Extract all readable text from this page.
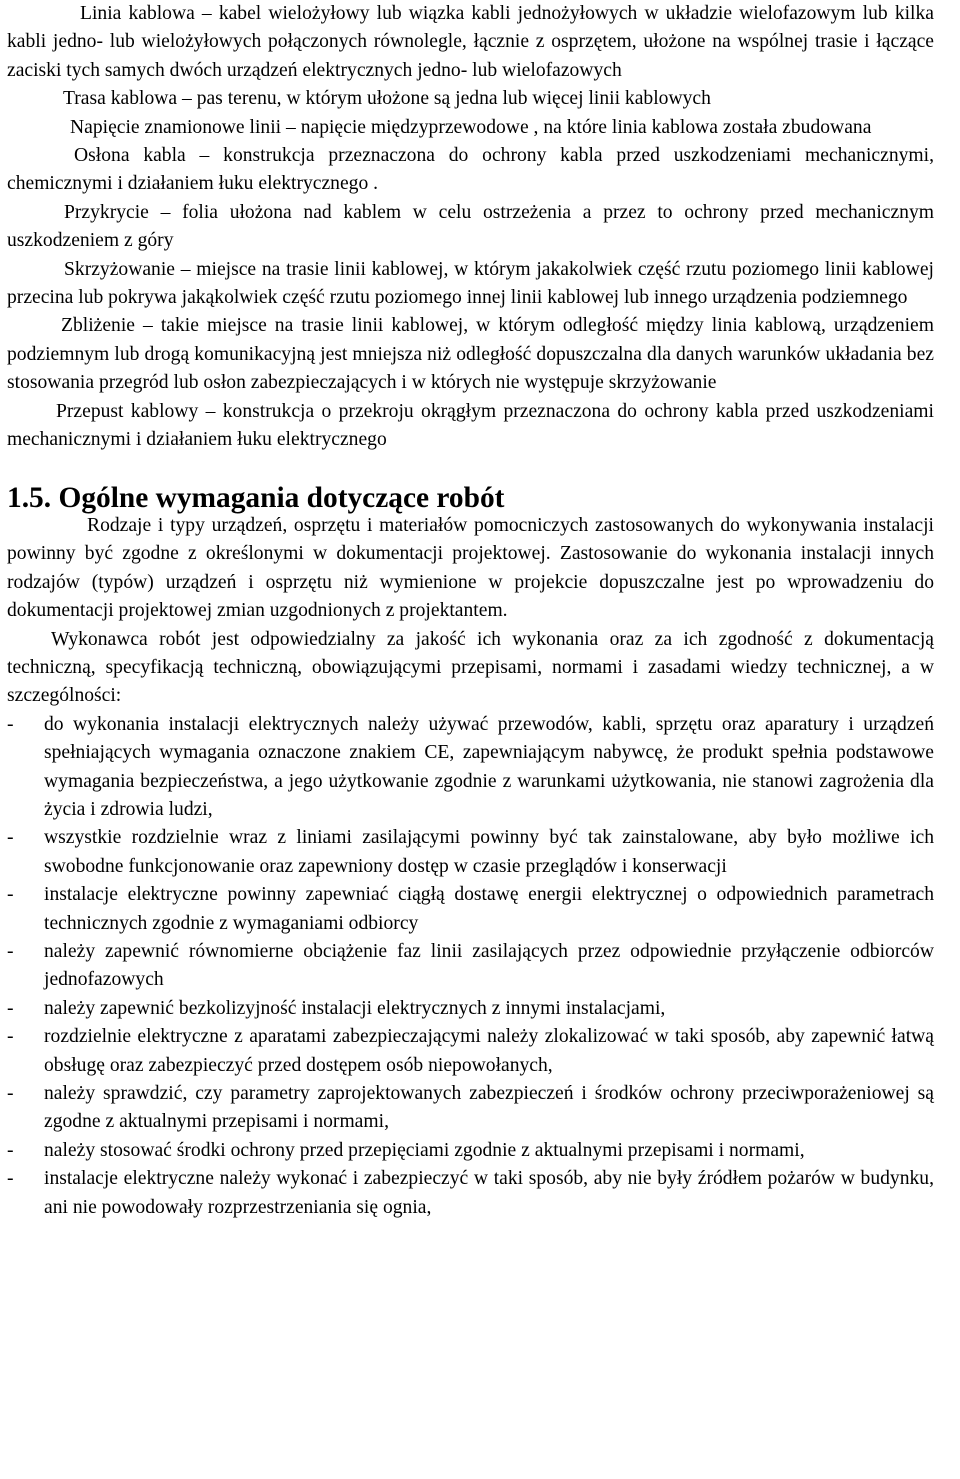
Linia kablowa – kabel wielożyłowy lub wiązka kabli jednożyłowych w układzie wielofazowym lub kilka kabli jedno- lub wielożyłowych połączonych równolegle, łącznie z osprzętem, ułożone na wspólnej trasie i łączące zaciski tych samych dwóch urządzeń elektrycznych jedno- lub wielofazowych

Trasa kablowa – pas terenu, w którym ułożone są jedna lub więcej linii kablowych

Napięcie znamionowe linii – napięcie międzyprzewodowe , na które linia kablowa została zbudowana

Osłona kabla – konstrukcja przeznaczona do ochrony kabla przed uszkodzeniami mechanicznymi, chemicznymi i działaniem łuku elektrycznego .

Przykrycie – folia ułożona nad kablem w celu ostrzeżenia a przez to ochrony przed mechanicznym uszkodzeniem z góry

Skrzyżowanie – miejsce na trasie linii kablowej, w którym jakakolwiek część rzutu poziomego linii kablowej przecina lub pokrywa jakąkolwiek część rzutu poziomego innej linii kablowej lub innego urządzenia podziemnego

Zbliżenie – takie miejsce na trasie linii kablowej, w którym odległość między linia kablową, urządzeniem podziemnym lub drogą komunikacyjną jest mniejsza niż odległość dopuszczalna dla danych warunków układania bez stosowania przegród lub osłon zabezpieczających i w których nie występuje skrzyżowanie

Przepust kablowy – konstrukcja o przekroju okrągłym przeznaczona do ochrony kabla przed uszkodzeniami mechanicznymi i działaniem łuku elektrycznego

1.5. Ogólne wymagania dotyczące robót

Rodzaje i typy urządzeń, osprzętu i materiałów pomocniczych zastosowanych do wykonywania instalacji powinny być zgodne z określonymi w dokumentacji projektowej. Zastosowanie do wykonania instalacji innych rodzajów (typów) urządzeń i osprzętu niż wymienione w projekcie dopuszczalne jest po wprowadzeniu do dokumentacji projektowej zmian uzgodnionych z projektantem.

Wykonawca robót jest odpowiedzialny za jakość ich wykonania oraz za ich zgodność z dokumentacją techniczną, specyfikacją techniczną, obowiązującymi przepisami, normami i zasadami wiedzy technicznej, a w szczególności:

-	do wykonania instalacji elektrycznych należy używać przewodów, kabli, sprzętu oraz aparatury i urządzeń spełniających wymagania oznaczone znakiem CE, zapewniającym nabywcę, że produkt spełnia podstawowe wymagania bezpieczeństwa, a jego użytkowanie zgodnie z warunkami użytkowania, nie stanowi zagrożenia dla życia i zdrowia ludzi,
-	wszystkie rozdzielnie wraz z liniami zasilającymi powinny być tak zainstalowane, aby było możliwe ich swobodne funkcjonowanie oraz zapewniony dostęp w czasie przeglądów i konserwacji
-	instalacje elektryczne powinny zapewniać ciągłą dostawę energii elektrycznej o odpowiednich parametrach technicznych zgodnie z wymaganiami odbiorcy
-	należy zapewnić równomierne obciążenie faz linii zasilających przez odpowiednie przyłączenie odbiorców jednofazowych
-	należy zapewnić bezkolizyjność instalacji elektrycznych z innymi instalacjami,
-	rozdzielnie elektryczne z aparatami zabezpieczającymi należy zlokalizować w taki sposób, aby zapewnić łatwą obsługę oraz zabezpieczyć przed dostępem osób niepowołanych,
-	należy sprawdzić, czy parametry zaprojektowanych zabezpieczeń i środków ochrony przeciwporażeniowej są zgodne z aktualnymi przepisami i normami,
-	należy stosować środki ochrony przed przepięciami zgodnie z aktualnymi przepisami i normami,
-	instalacje elektryczne należy wykonać i zabezpieczyć w taki sposób, aby nie były źródłem pożarów w budynku, ani nie powodowały rozprzestrzeniania się ognia,
